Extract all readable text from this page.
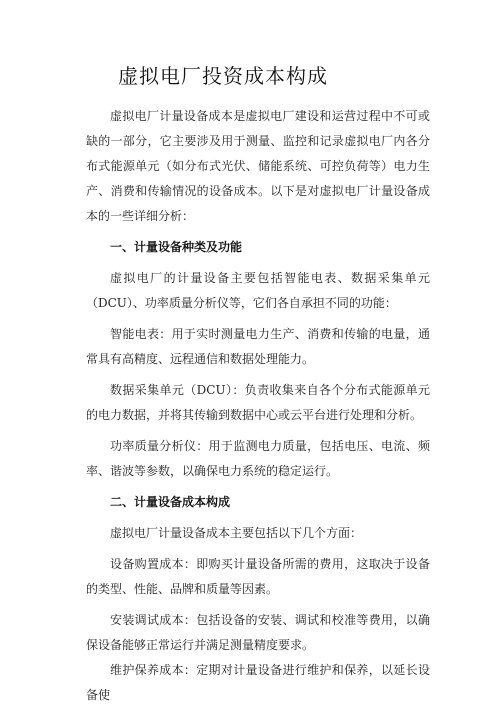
虚拟电厂投资成本构成

虚拟电厂计量设备成本是虚拟电厂建设和运营过程中不可或缺的一部分，它主要涉及用于测量、监控和记录虚拟电厂内各分布式能源单元（如分布式光伏、储能系统、可控负荷等）电力生产、消费和传输情况的设备成本。以下是对虚拟电厂计量设备成本的一些详细分析：

一、计量设备种类及功能

虚拟电厂的计量设备主要包括智能电表、数据采集单元（DCU）、功率质量分析仪等，它们各自承担不同的功能：

智能电表：用于实时测量电力生产、消费和传输的电量，通常具有高精度、远程通信和数据处理能力。

数据采集单元（DCU）：负责收集来自各个分布式能源单元的电力数据，并将其传输到数据中心或云平台进行处理和分析。

功率质量分析仪：用于监测电力质量，包括电压、电流、频率、谐波等参数，以确保电力系统的稳定运行。

二、计量设备成本构成

虚拟电厂计量设备成本主要包括以下几个方面：

设备购置成本：即购买计量设备所需的费用，这取决于设备的类型、性能、品牌和质量等因素。

安装调试成本：包括设备的安装、调试和校准等费用，以确保设备能够正常运行并满足测量精度要求。

维护保养成本：定期对计量设备进行维护和保养，以延长设备使
